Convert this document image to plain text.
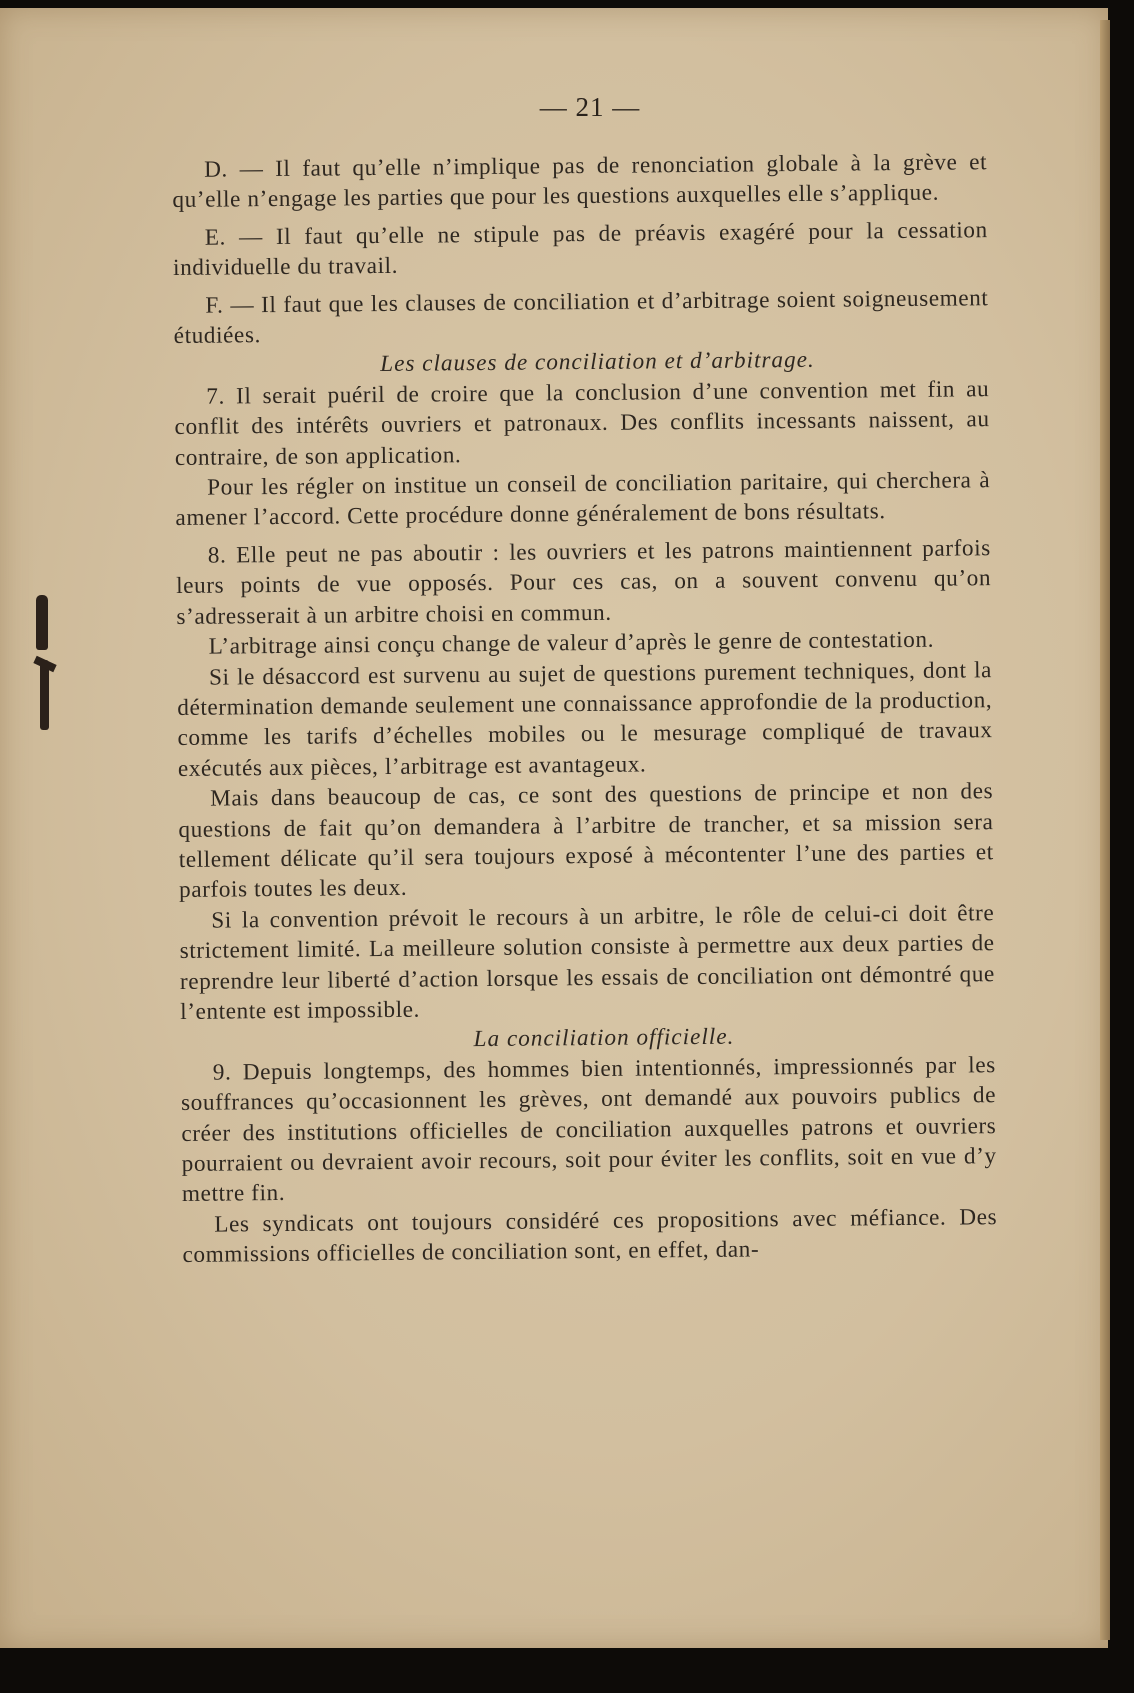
— 21 —

D. — Il faut qu’elle n’implique pas de renonciation globale à la grève et qu’elle n’engage les parties que pour les questions auxquelles elle s’applique.

E. — Il faut qu’elle ne stipule pas de préavis exagéré pour la cessation individuelle du travail.

F. — Il faut que les clauses de conciliation et d’arbitrage soient soigneusement étudiées.

Les clauses de conciliation et d’arbitrage.

7. Il serait puéril de croire que la conclusion d’une convention met fin au conflit des intérêts ouvriers et patronaux. Des conflits incessants naissent, au contraire, de son application.

Pour les régler on institue un conseil de conciliation paritaire, qui cherchera à amener l’accord. Cette procédure donne généralement de bons résultats.

8. Elle peut ne pas aboutir : les ouvriers et les patrons maintiennent parfois leurs points de vue opposés. Pour ces cas, on a souvent convenu qu’on s’adresserait à un arbitre choisi en commun.

L’arbitrage ainsi conçu change de valeur d’après le genre de contestation.

Si le désaccord est survenu au sujet de questions purement techniques, dont la détermination demande seulement une connaissance approfondie de la production, comme les tarifs d’échelles mobiles ou le mesurage compliqué de travaux exécutés aux pièces, l’arbitrage est avantageux.

Mais dans beaucoup de cas, ce sont des questions de principe et non des questions de fait qu’on demandera à l’arbitre de trancher, et sa mission sera tellement délicate qu’il sera toujours exposé à mécontenter l’une des parties et parfois toutes les deux.

Si la convention prévoit le recours à un arbitre, le rôle de celui-ci doit être strictement limité. La meilleure solution consiste à permettre aux deux parties de reprendre leur liberté d’action lorsque les essais de conciliation ont démontré que l’entente est impossible.

La conciliation officielle.

9. Depuis longtemps, des hommes bien intentionnés, impressionnés par les souffrances qu’occasionnent les grèves, ont demandé aux pouvoirs publics de créer des institutions officielles de conciliation auxquelles patrons et ouvriers pourraient ou devraient avoir recours, soit pour éviter les conflits, soit en vue d’y mettre fin.

Les syndicats ont toujours considéré ces propositions avec méfiance. Des commissions officielles de conciliation sont, en effet, dan-
